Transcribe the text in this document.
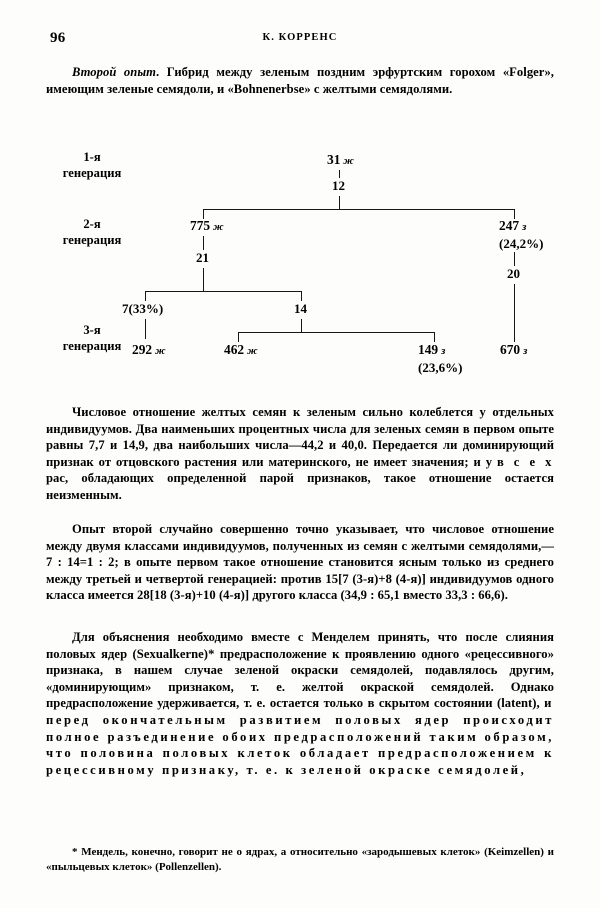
96	К. КОРРЕНС
Второй опыт. Гибрид между зеленым поздним эрфуртским горохом «Folger», имеющим зеленые семядоли, и «Bohnenerbse» с желтыми семядолями.
1-я
генерация
2-я
генерация
3-я
генерация
31 ж
12
775 ж	247 з
(24,2%)
21
20
7(33%)	14
292 ж	462 ж	149 з
(23,6%)
670 з
Числовое отношение желтых семян к зеленым сильно колеблется у отдельных индивидуумов. Два наименьших процентных числа для зеленых семян в первом опыте равны 7,7 и 14,9, два наибольших числа—44,2 и 40,0. Передается ли доминирующий признак от отцовского растения или материнского, не имеет значения; и у в с е х рас, обладающих определенной парой признаков, такое отношение остается неизменным.
Опыт второй случайно совершенно точно указывает, что числовое отношение между двумя классами индивидуумов, полученных из семян с желтыми семядолями,—7 : 14=1 : 2; в опыте первом такое отношение становится ясным только из среднего между третьей и четвертой генерацией: против 15[7 (3-я)+8 (4-я)] индивидуумов одного класса имеется 28[18 (3-я)+10 (4-я)] другого класса (34,9 : 65,1 вместо 33,3 : 66,6).
Для объяснения необходимо вместе с Менделем принять, что после слияния половых ядер (Sexualkerne)* предрасположение к проявлению одного «рецессивного» признака, в нашем случае зеленой окраски семядолей, подавлялось другим, «доминирующим» признаком, т. е. желтой окраской семядолей. Однако предрасположение удерживается, т. е. остается только в скрытом состоянии (latent), и перед окончательным развитием половых ядер происходит полное разъединение обоих предрасположений таким образом, что половина половых клеток обладает предрасположением к рецессивному признаку, т. е. к зеленой окраске семядолей,
* Мендель, конечно, говорит не о ядрах, а относительно «зародышевых клеток» (Keimzellen) и «пыльцевых клеток» (Pollenzellen).
